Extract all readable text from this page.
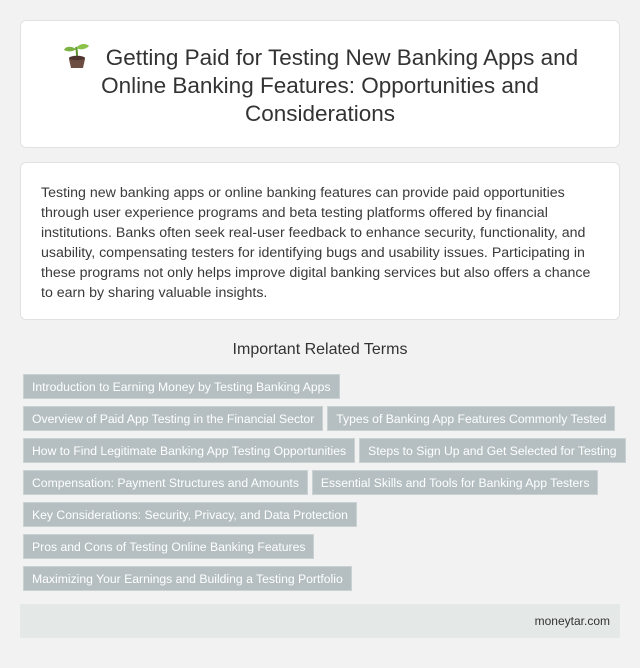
Getting Paid for Testing New Banking Apps and Online Banking Features: Opportunities and Considerations

Testing new banking apps or online banking features can provide paid opportunities through user experience programs and beta testing platforms offered by financial institutions. Banks often seek real-user feedback to enhance security, functionality, and usability, compensating testers for identifying bugs and usability issues. Participating in these programs not only helps improve digital banking services but also offers a chance to earn by sharing valuable insights.

Important Related Terms
Introduction to Earning Money by Testing Banking Apps
Overview of Paid App Testing in the Financial Sector Types of Banking App Features Commonly Tested
How to Find Legitimate Banking App Testing Opportunities Steps to Sign Up and Get Selected for Testing
Compensation: Payment Structures and Amounts Essential Skills and Tools for Banking App Testers
Key Considerations: Security, Privacy, and Data Protection
Pros and Cons of Testing Online Banking Features
Maximizing Your Earnings and Building a Testing Portfolio
moneytar.com
